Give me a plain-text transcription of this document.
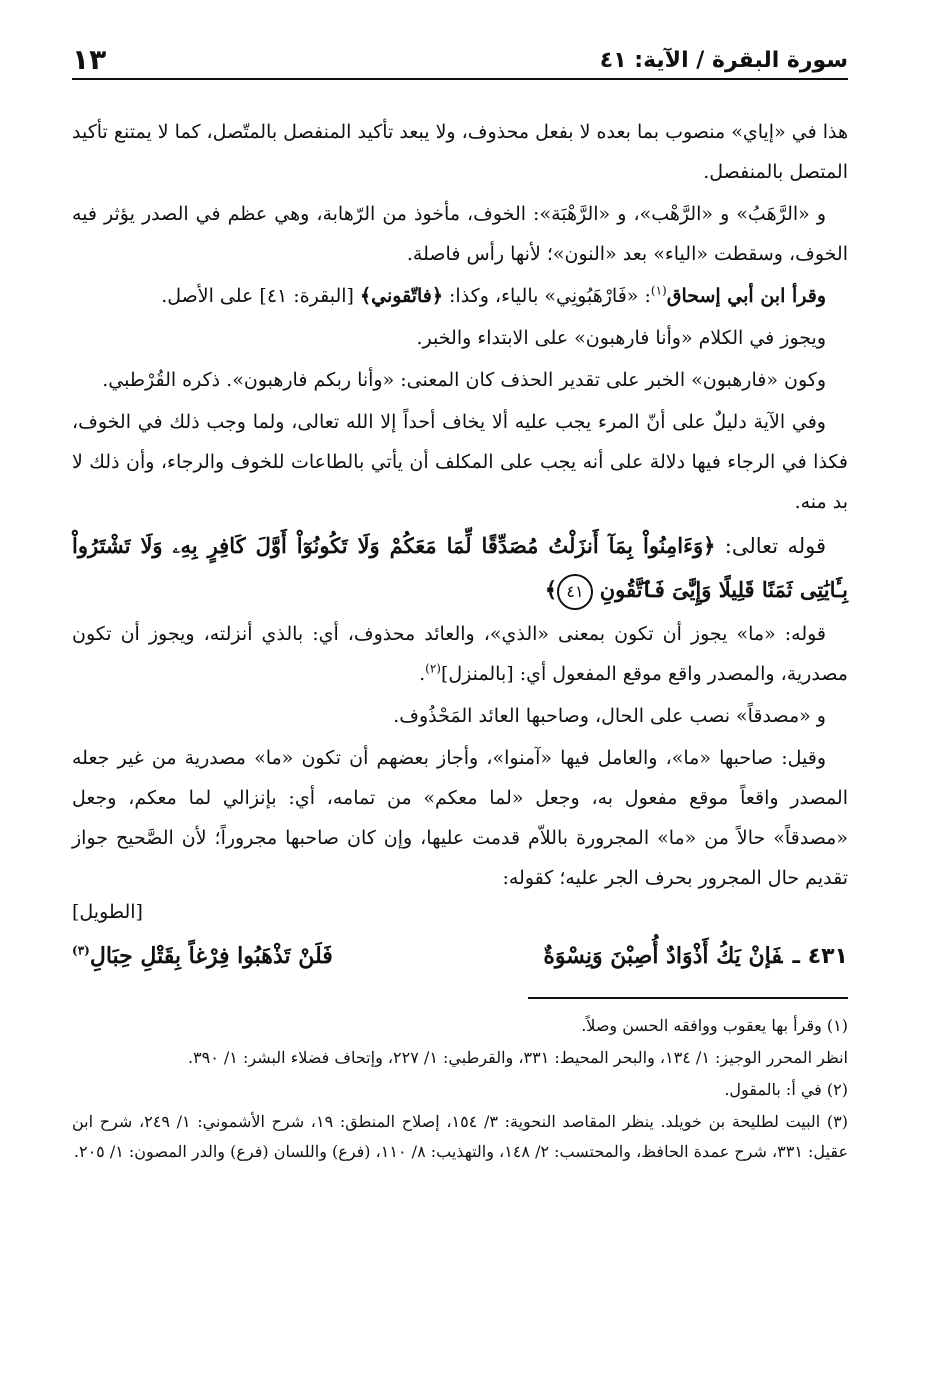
سورة البقرة / الآية: ٤١
١٣

هذا في «إياي» منصوب بما بعده لا بفعل محذوف، ولا يبعد تأكيد المنفصل بالمتّصل، كما لا يمتنع تأكيد المتصل بالمنفصل.

و «الرَّهَبُ» و «الرَّهْب»، و «الرَّهْبَة»: الخوف، مأخوذ من الرّهابة، وهي عظم في الصدر يؤثر فيه الخوف، وسقطت «الياء» بعد «النون»؛ لأنها رأس فاصلة.

وقرأ ابن أبي إسحاق$^{(١)}$: «فَارْهَبُونِي» بالياء، وكذا: ﴿فاتّقوني﴾ [البقرة: ٤١] على الأصل.

ويجوز في الكلام «وأنا فارهبون» على الابتداء والخبر.

وكون «فارهبون» الخبر على تقدير الحذف كان المعنى: «وأنا ربكم فارهبون». ذكره القُرْطبي.

وفي الآية دليلٌ على أنّ المرء يجب عليه ألا يخاف أحداً إلا الله تعالى، ولما وجب ذلك في الخوف، فكذا في الرجاء فيها دلالة على أنه يجب على المكلف أن يأتي بالطاعات للخوف والرجاء، وأن ذلك لا بد منه.

قوله تعالى: ﴿وَءَامِنُواْ بِمَآ أَنزَلْتُ مُصَدِّقًا لِّمَا مَعَكُمْ وَلَا تَكُونُوٓاْ أَوَّلَ كَافِرٍ بِهِۦ وَلَا تَشْتَرُواْ بِـَٔايَٰتِى ثَمَنًا قَلِيلًا وَإِيَّٰىَ فَٱتَّقُونِ ٤١﴾

قوله: «ما» يجوز أن تكون بمعنى «الذي»، والعائد محذوف، أي: بالذي أنزلته، ويجوز أن تكون مصدرية، والمصدر واقع موقع المفعول أي: [بالمنزل]$^{(٢)}$.

و «مصدقاً» نصب على الحال، وصاحبها العائد المَحْذُوف.

وقيل: صاحبها «ما»، والعامل فيها «آمنوا»، وأجاز بعضهم أن تكون «ما» مصدرية من غير جعله المصدر واقعاً موقع مفعول به، وجعل «لما معكم» من تمامه، أي: بإنزالي لما معكم، وجعل «مصدقاً» حالاً من «ما» المجرورة باللاّم قدمت عليها، وإن كان صاحبها مجروراً؛ لأن الصَّحيح جواز تقديم حال المجرور بحرف الجر عليه؛ كقوله:

[الطويل]
٤٣١ ـفَإنْ يَكُ أَذْوَادٌ أُصِبْنَ وَنِسْوَةٌ
فَلَنْ تَذْهَبُوا فِرْغاً بِقَتْلِ حِبَالِ$^{(٣)}$

(١) وقرأ بها يعقوب ووافقه الحسن وصلاً.

انظر المحرر الوجيز: ١/ ١٣٤، والبحر المحيط: ٣٣١، والقرطبي: ١/ ٢٢٧، وإتحاف فضلاء البشر: ١/ ٣٩٠.

(٢) في أ: بالمقول.

(٣) البيت لطليحة بن خويلد. ينظر المقاصد النحوية: ٣/ ١٥٤، إصلاح المنطق: ١٩، شرح الأشموني: ١/ ٢٤٩، شرح ابن عقيل: ٣٣١، شرح عمدة الحافظ، والمحتسب: ٢/ ١٤٨، والتهذيب: ٨/ ١١٠، (فرع) واللسان (فرع) والدر المصون: ١/ ٢٠٥.
